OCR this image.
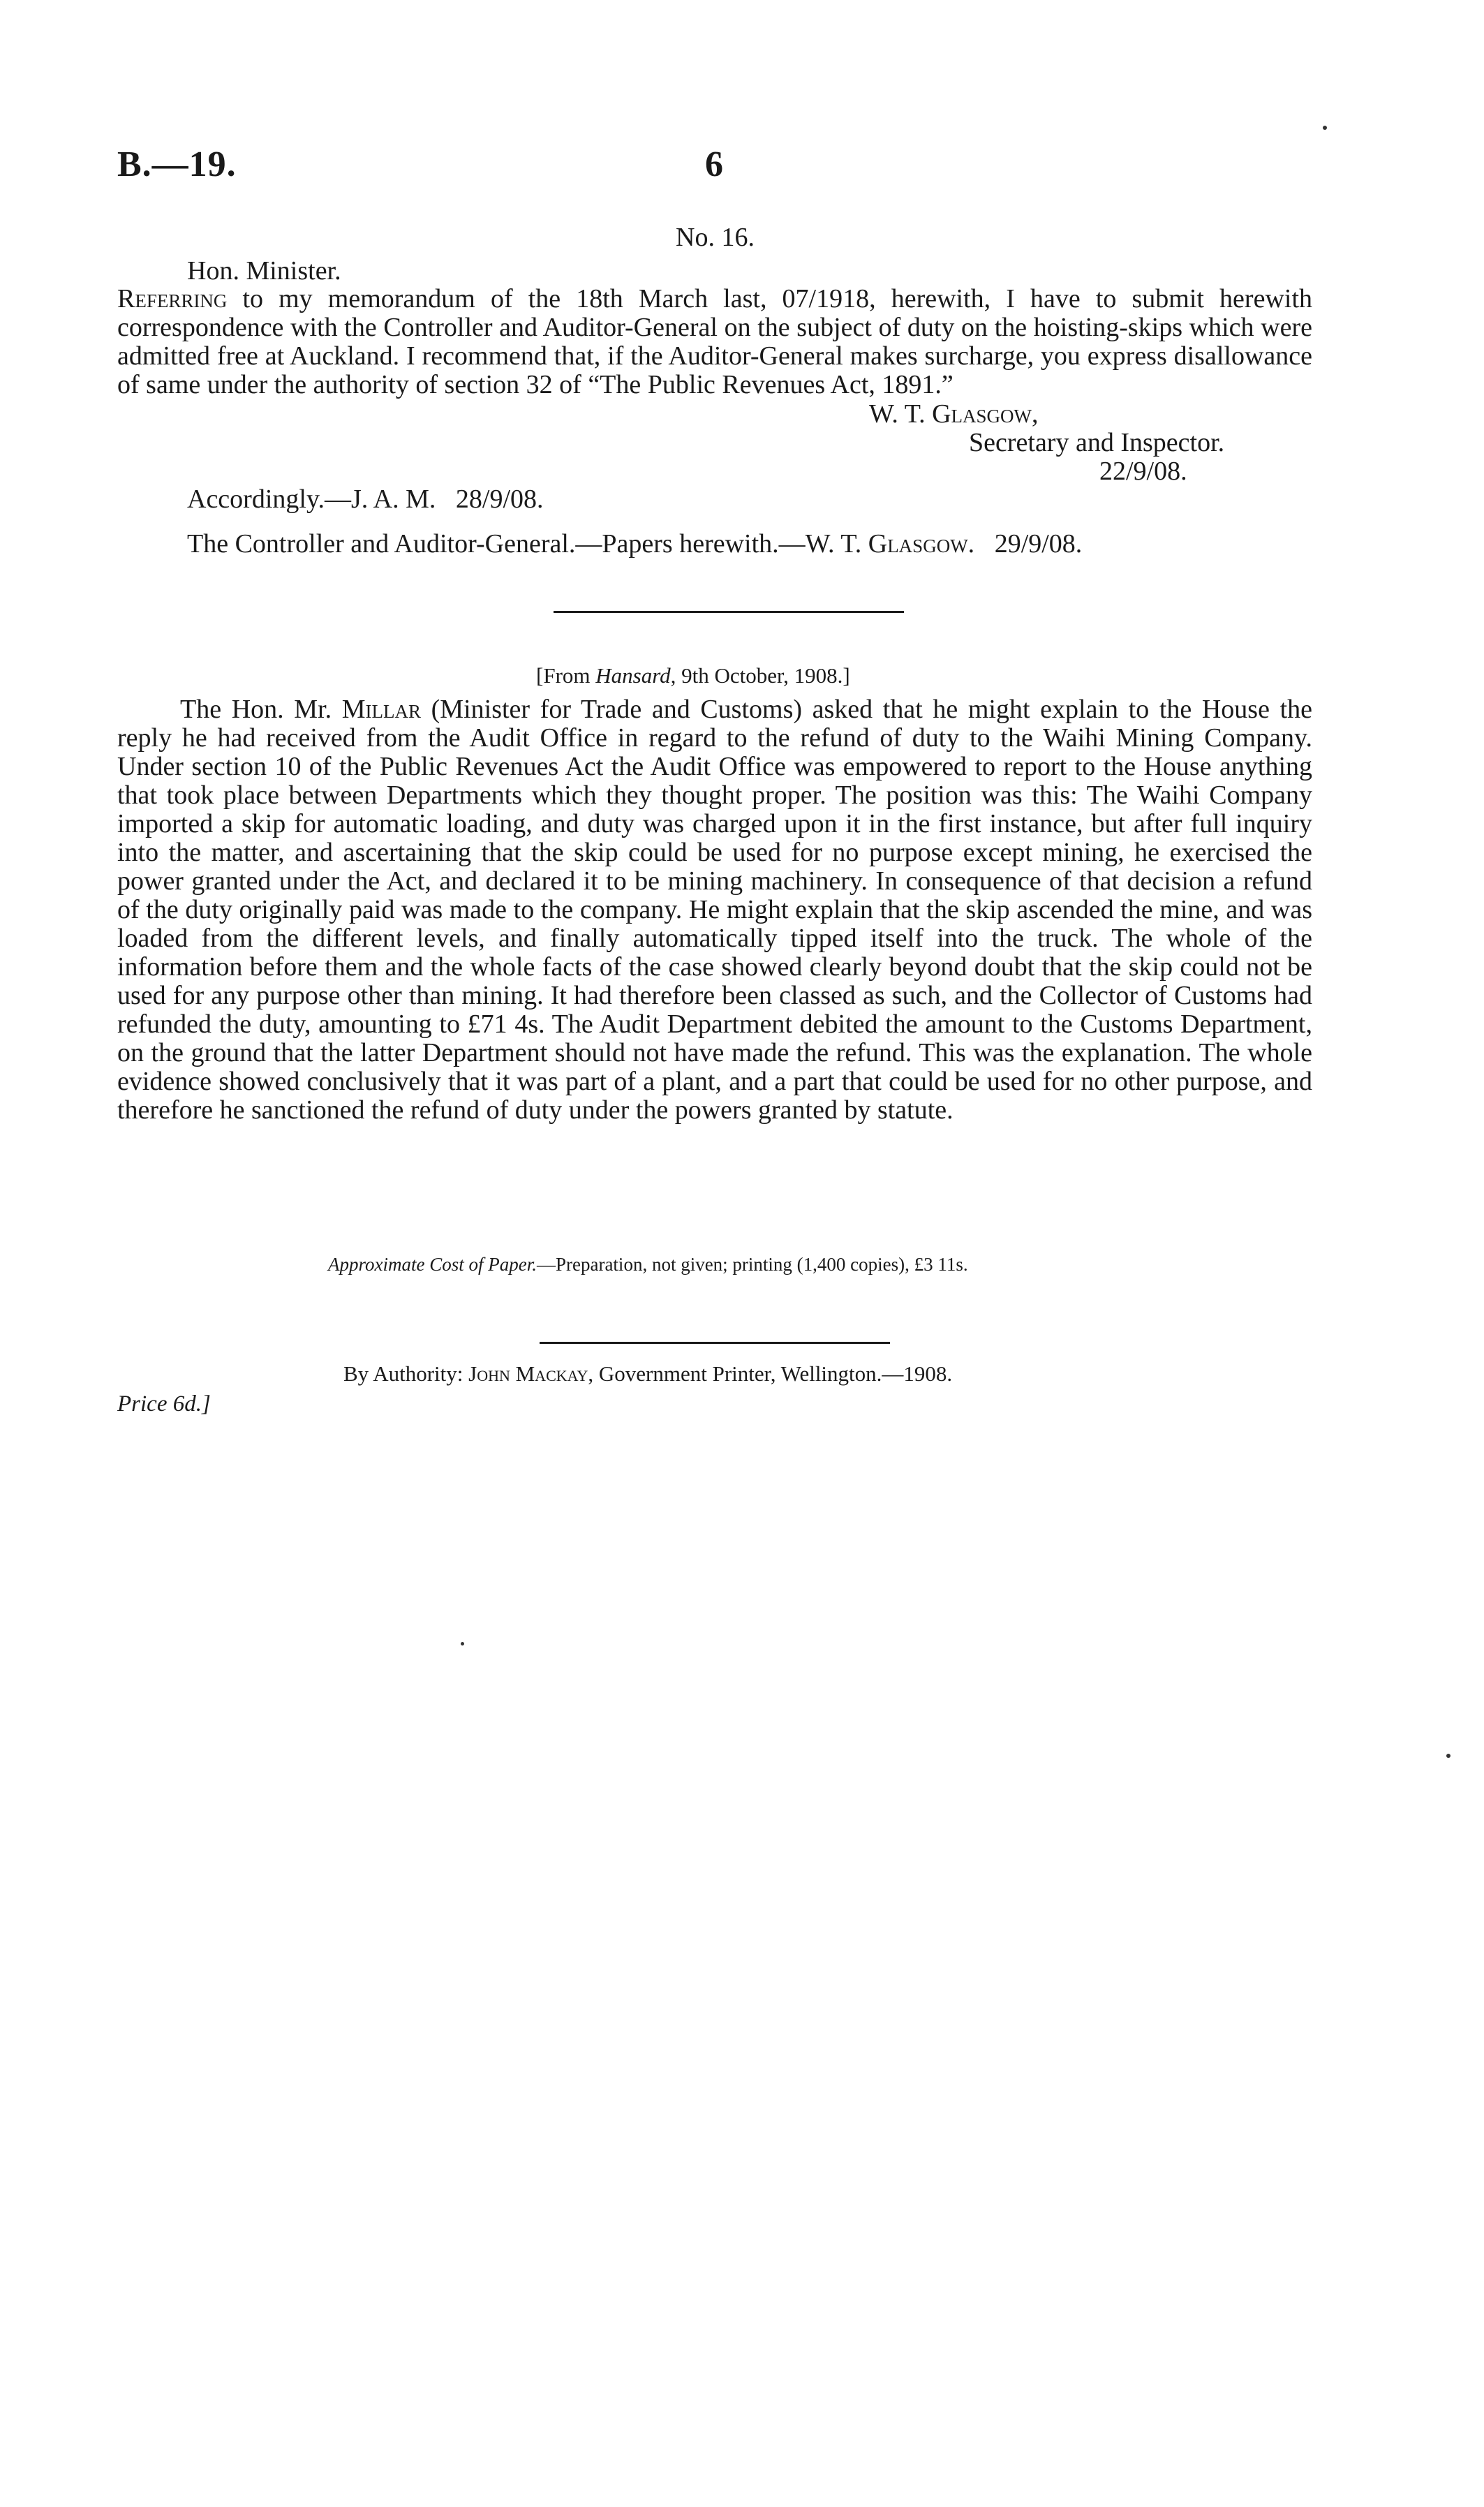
B.—19.	6
No. 16.
Hon. Minister.
Referring to my memorandum of the 18th March last, 07/1918, herewith, I have to submit herewith correspondence with the Controller and Auditor-General on the subject of duty on the hoisting-skips which were admitted free at Auckland. I recommend that, if the Auditor-General makes surcharge, you express disallowance of same under the authority of section 32 of “The Public Revenues Act, 1891.”
W. T. Glasgow,
Secretary and Inspector.
22/9/08.
Accordingly.—J. A. M.   28/9/08.
The Controller and Auditor-General.—Papers herewith.—W. T. Glasgow. 29/9/08.
[From Hansard, 9th October, 1908.]

The Hon. Mr. Millar (Minister for Trade and Customs) asked that he might explain to the House the reply he had received from the Audit Office in regard to the refund of duty to the Waihi Mining Company. Under section 10 of the Public Revenues Act the Audit Office was empowered to report to the House anything that took place between Departments which they thought proper. The position was this: The Waihi Company imported a skip for automatic loading, and duty was charged upon it in the first instance, but after full inquiry into the matter, and ascertaining that the skip could be used for no purpose except mining, he exercised the power granted under the Act, and declared it to be mining machinery. In consequence of that decision a refund of the duty originally paid was made to the company. He might explain that the skip ascended the mine, and was loaded from the different levels, and finally automatically tipped itself into the truck. The whole of the information before them and the whole facts of the case showed clearly beyond doubt that the skip could not be used for any purpose other than mining. It had therefore been classed as such, and the Collector of Customs had refunded the duty, amounting to £71 4s. The Audit Department debited the amount to the Customs Department, on the ground that the latter Department should not have made the refund. This was the explanation. The whole evidence showed conclusively that it was part of a plant, and a part that could be used for no other purpose, and therefore he sanctioned the refund of duty under the powers granted by statute.

Approximate Cost of Paper.—Preparation, not given; printing (1,400 copies), £3 11s.
By Authority: John Mackay, Government Printer, Wellington.—1908.
Price 6d.]
